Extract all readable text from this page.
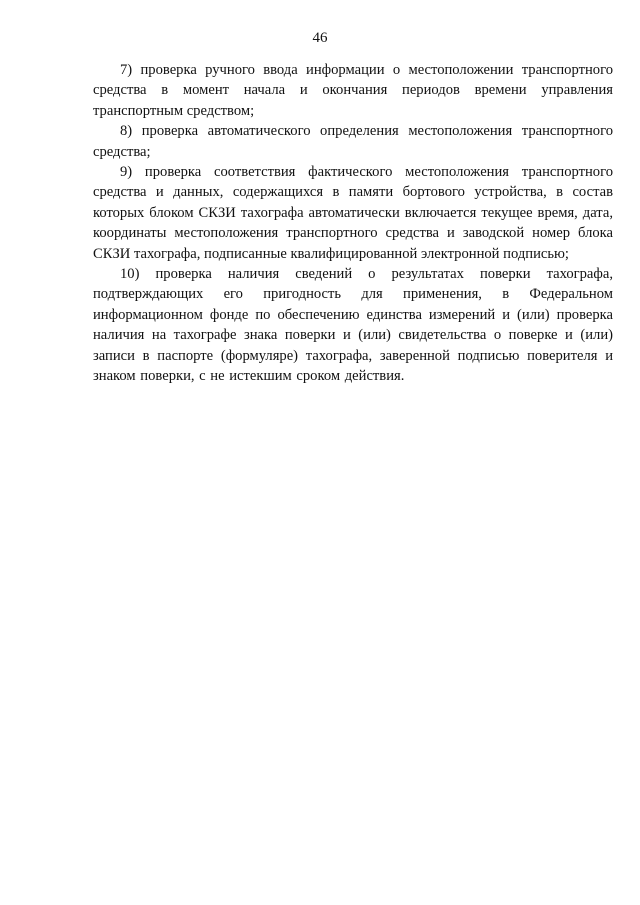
46

7) проверка ручного ввода информации о местоположении транспортного средства в момент начала и окончания периодов времени управления транспортным средством;

8) проверка автоматического определения местоположения транспортного средства;

9) проверка соответствия фактического местоположения транспортного средства и данных, содержащихся в памяти бортового устройства, в состав которых блоком СКЗИ тахографа автоматически включается текущее время, дата, координаты местоположения транспортного средства и заводской номер блока СКЗИ тахографа, подписанные квалифицированной электронной подписью;

10) проверка наличия сведений о результатах поверки тахографа, подтверждающих его пригодность для применения, в Федеральном информационном фонде по обеспечению единства измерений и (или) проверка наличия на тахографе знака поверки и (или) свидетельства о поверке и (или) записи в паспорте (формуляре) тахографа, заверенной подписью поверителя и знаком поверки, с не истекшим сроком действия.
